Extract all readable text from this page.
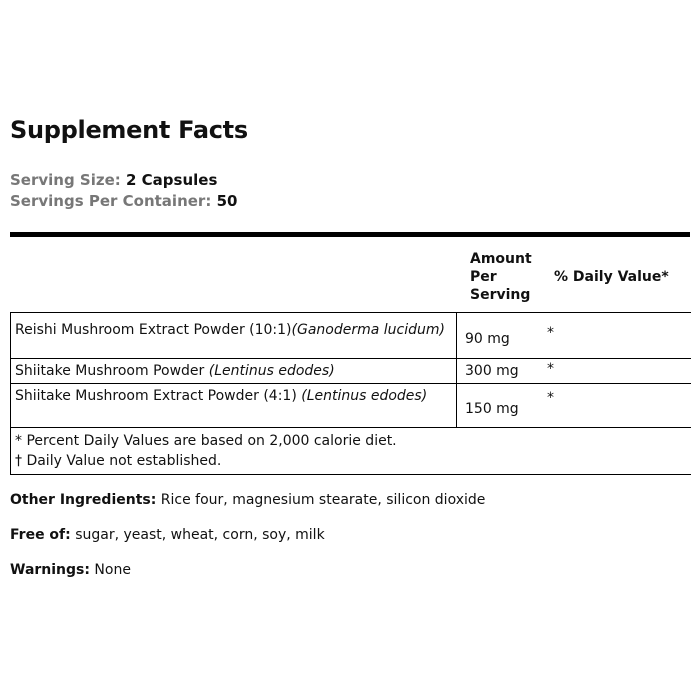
Supplement Facts
Serving Size: 2 Capsules
Servings Per Container: 50
Amount
Per
Serving
% Daily Value*
Reishi Mushroom Extract Powder (10:1)(Ganoderma lucidum)
90 mg	*
Shiitake Mushroom Powder (Lentinus edodes)	300 mg *
Shiitake Mushroom Extract Powder (4:1) (Lentinus edodes)
150 mg
*
* Percent Daily Values are based on 2,000 calorie diet.
† Daily Value not established.
Other Ingredients: Rice four, magnesium stearate, silicon dioxide
Free of: sugar, yeast, wheat, corn, soy, milk
Warnings: None
